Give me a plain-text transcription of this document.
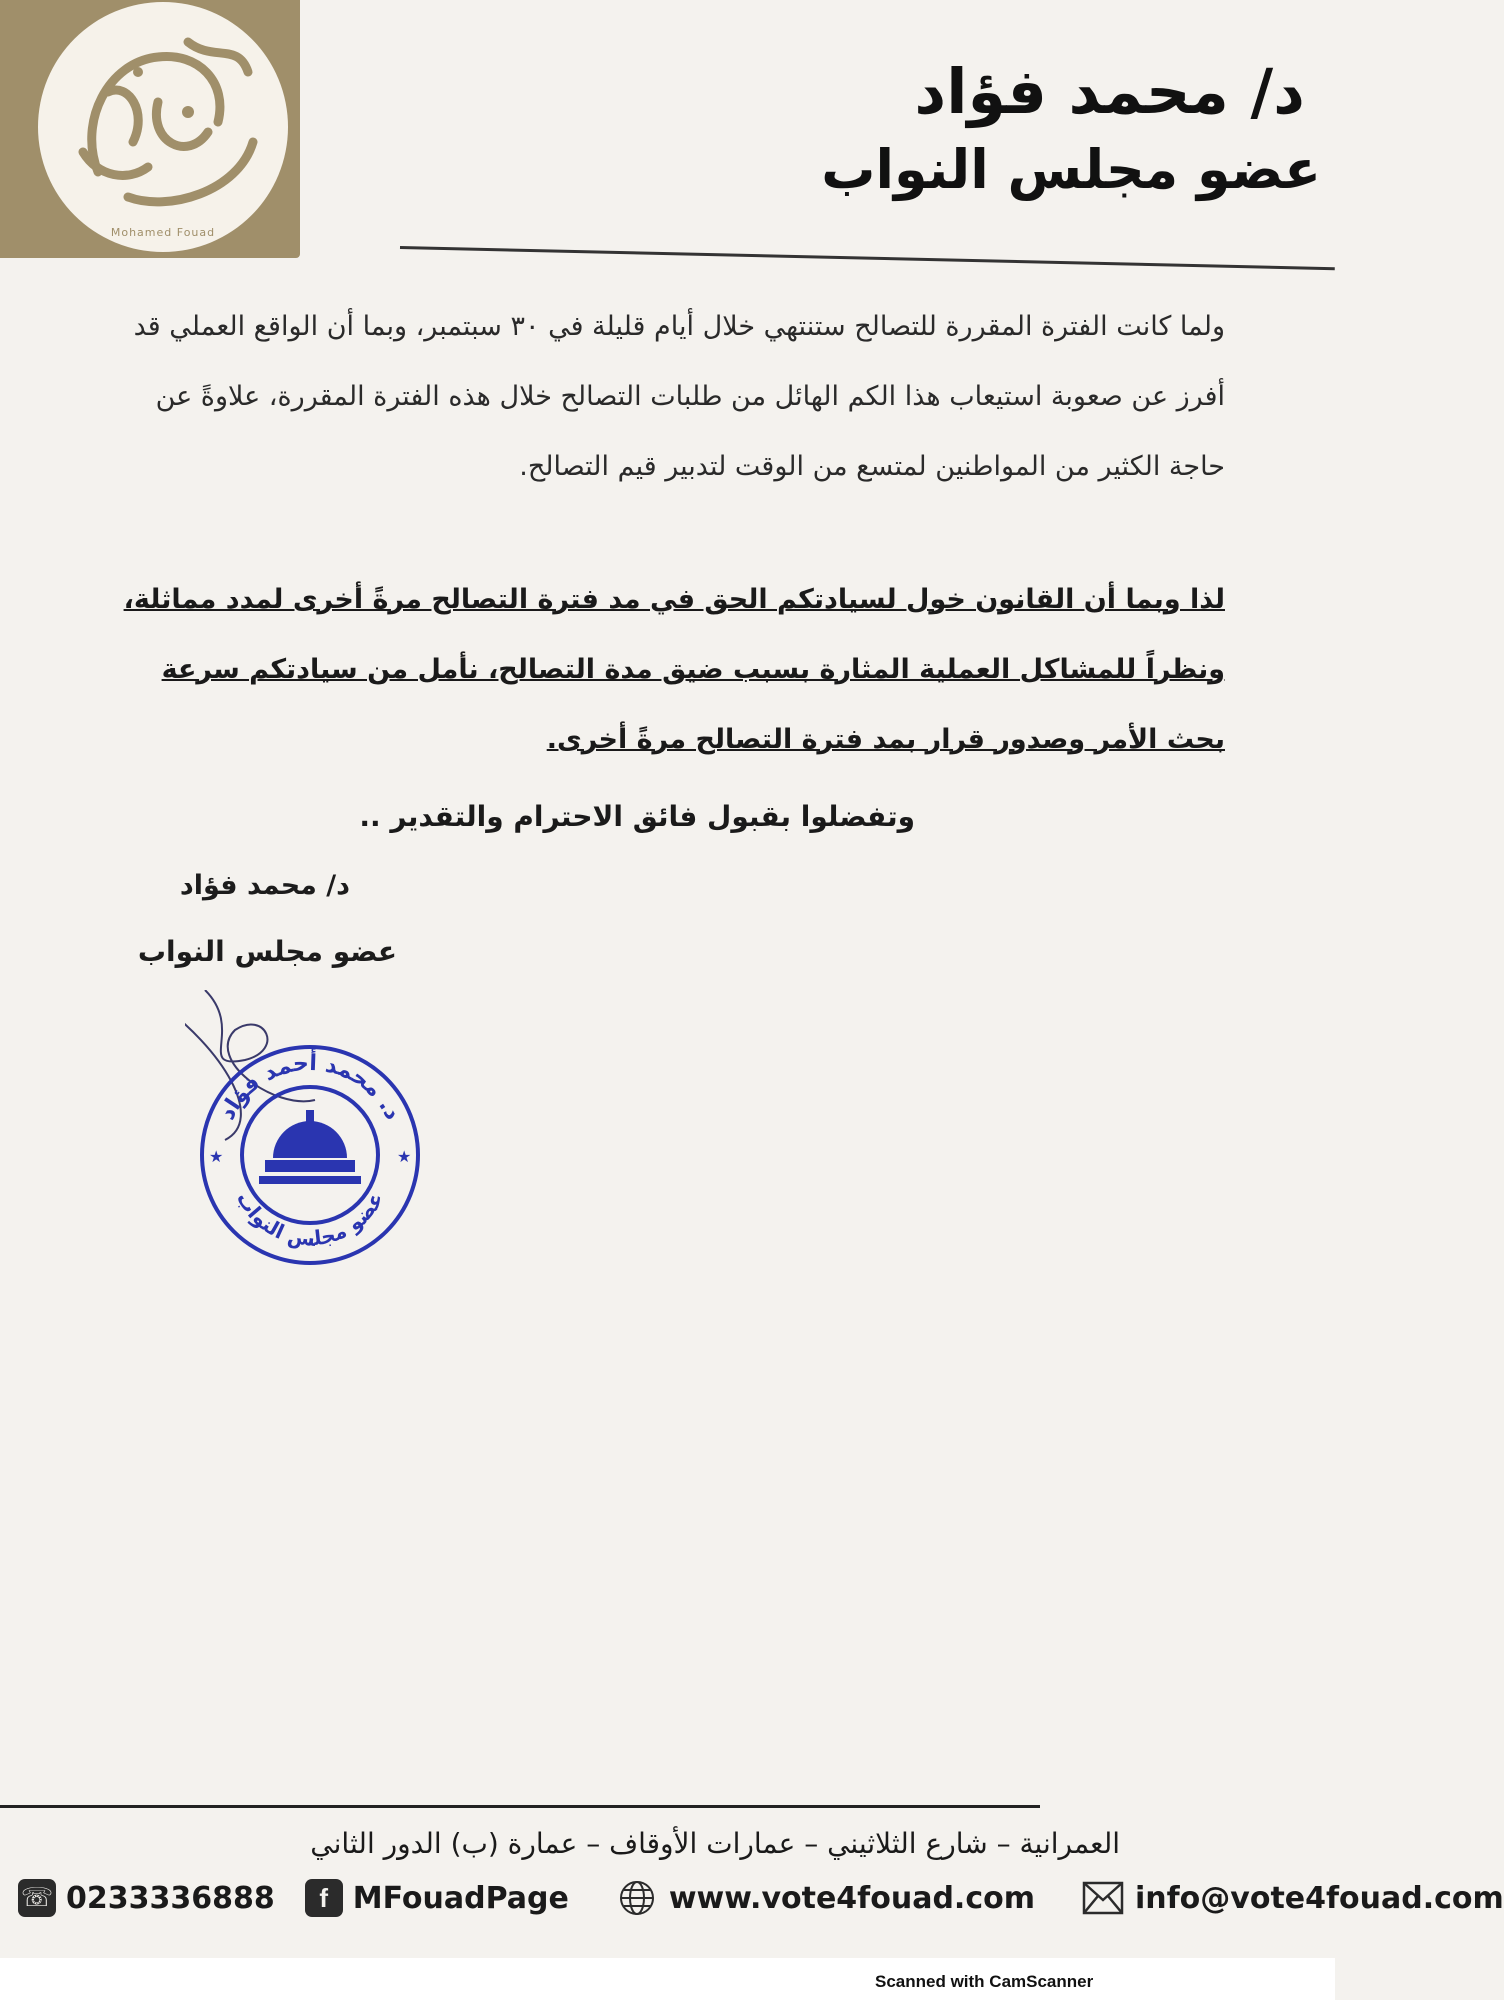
Mohamed Fouad
د/ محمد فؤاد
عضو مجلس النواب
ولما كانت الفترة المقررة للتصالح ستنتهي خلال أيام قليلة في ٣٠ سبتمبر، وبما أن الواقع العملي قد أفرز عن صعوبة استيعاب هذا الكم الهائل من طلبات التصالح خلال هذه الفترة المقررة، علاوةً عن حاجة الكثير من المواطنين لمتسع من الوقت لتدبير قيم التصالح.
لذا وبما أن القانون خول لسيادتكم الحق في مد فترة التصالح مرةً أخرى لمدد مماثلة، ونظراً للمشاكل العملية المثارة بسبب ضيق مدة التصالح، نأمل من سيادتكم سرعة بحث الأمر وصدور قرار بمد فترة التصالح مرةً أخرى.
وتفضلوا بقبول فائق الاحترام والتقدير ..
د/ محمد فؤاد
عضو مجلس النواب
د. محمد أحمد فؤاد
عضو مجلس النواب
★	★
العمرانية – شارع الثلاثيني – عمارات الأوقاف – عمارة (ب) الدور الثاني
☏ 0233336888	f MFouadPage	www.vote4fouad.com	info@vote4fouad.com
Scanned with CamScanner
